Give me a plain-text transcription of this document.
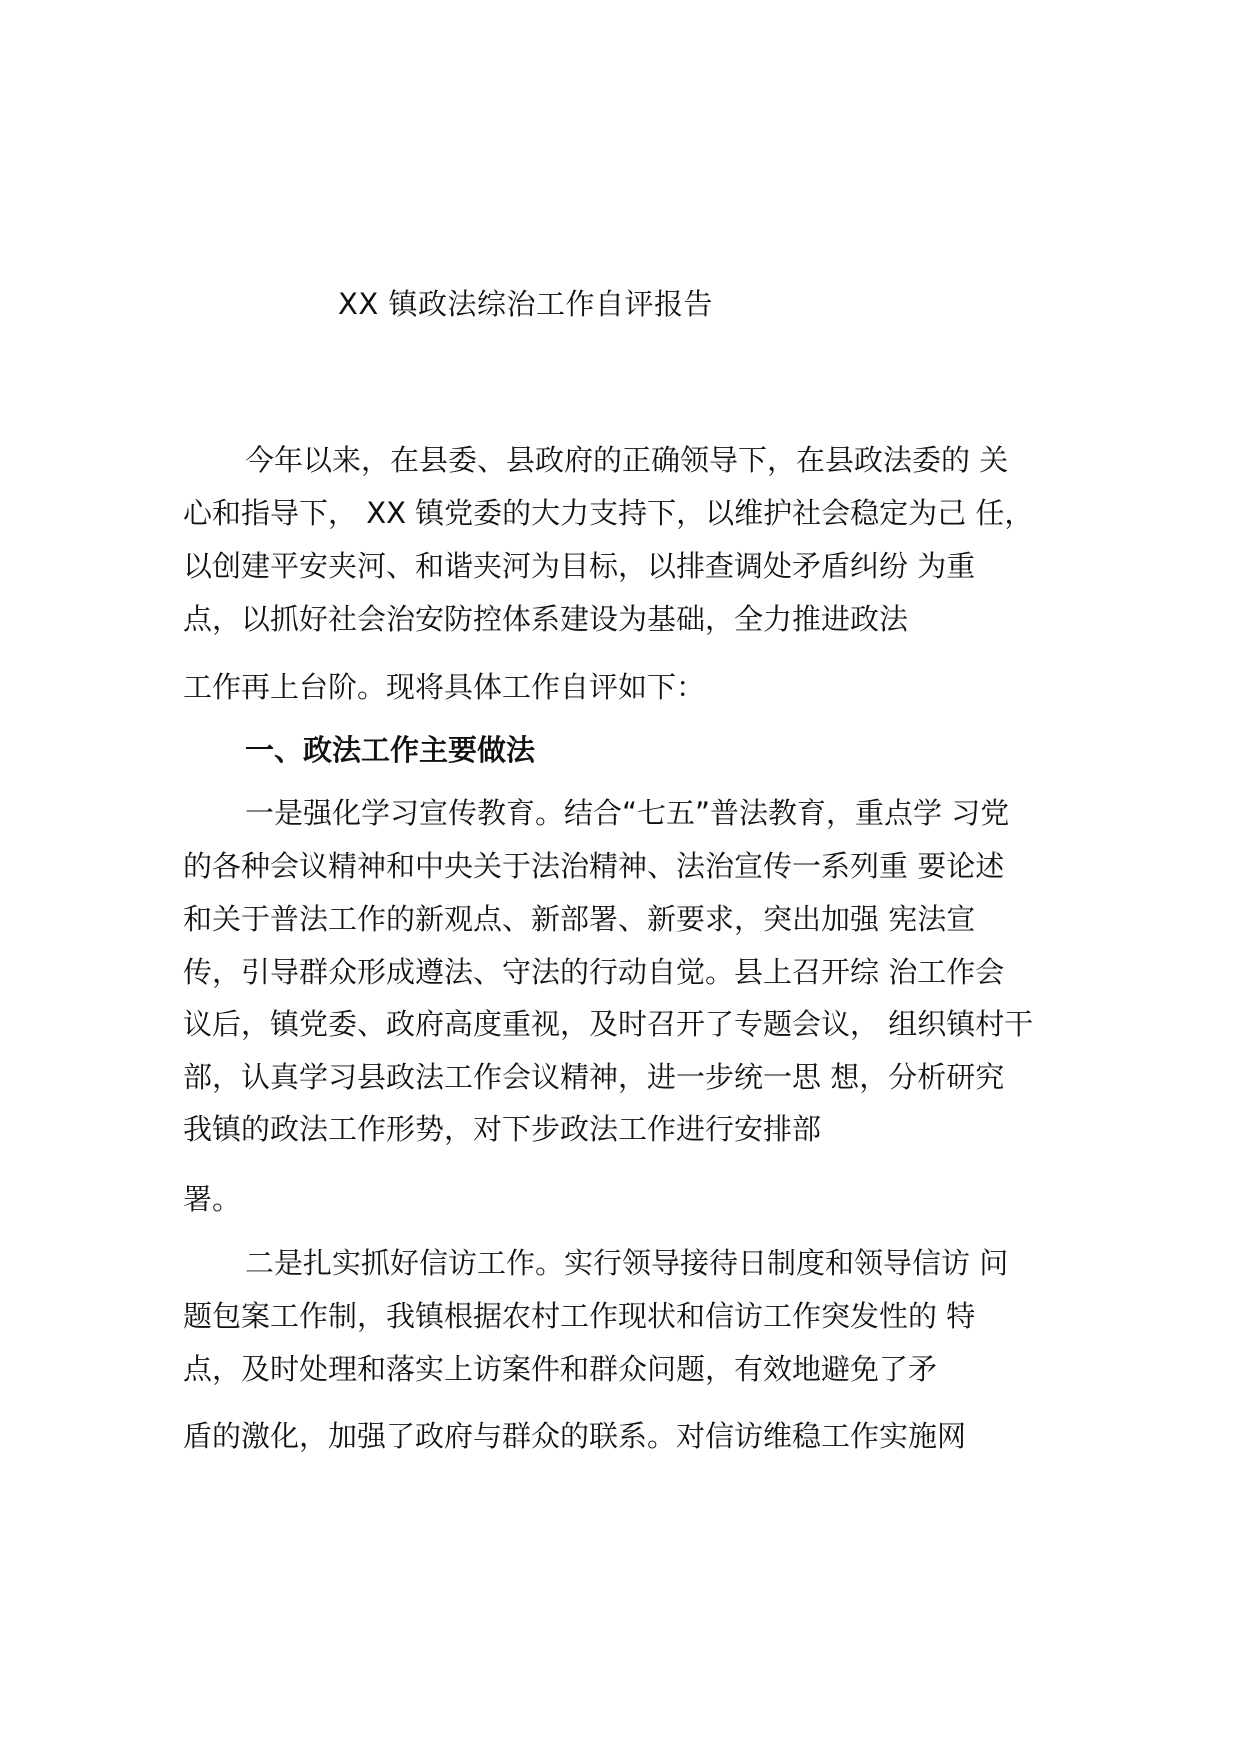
XX 镇政法综治工作自评报告
今年以来，在县委、县政府的正确领导下，在县政法委的 关
心和指导下， XX 镇党委的大力支持下，以维护社会稳定为己 任，
以创建平安夹河、和谐夹河为目标，以排查调处矛盾纠纷 为重
点，以抓好社会治安防控体系建设为基础，全力推进政法
工作再上台阶。现将具体工作自评如下：
一、政法工作主要做法
一是强化学习宣传教育。结合“七五”普法教育，重点学 习党
的各种会议精神和中央关于法治精神、法治宣传一系列重 要论述
和关于普法工作的新观点、新部署、新要求，突出加强 宪法宣
传，引导群众形成遵法、守法的行动自觉。县上召开综 治工作会
议后，镇党委、政府高度重视，及时召开了专题会议， 组织镇村干
部，认真学习县政法工作会议精神，进一步统一思 想，分析研究
我镇的政法工作形势，对下步政法工作进行安排部
署。
二是扎实抓好信访工作。实行领导接待日制度和领导信访 问
题包案工作制，我镇根据农村工作现状和信访工作突发性的 特
点，及时处理和落实上访案件和群众问题，有效地避免了矛
盾的激化，加强了政府与群众的联系。对信访维稳工作实施网
